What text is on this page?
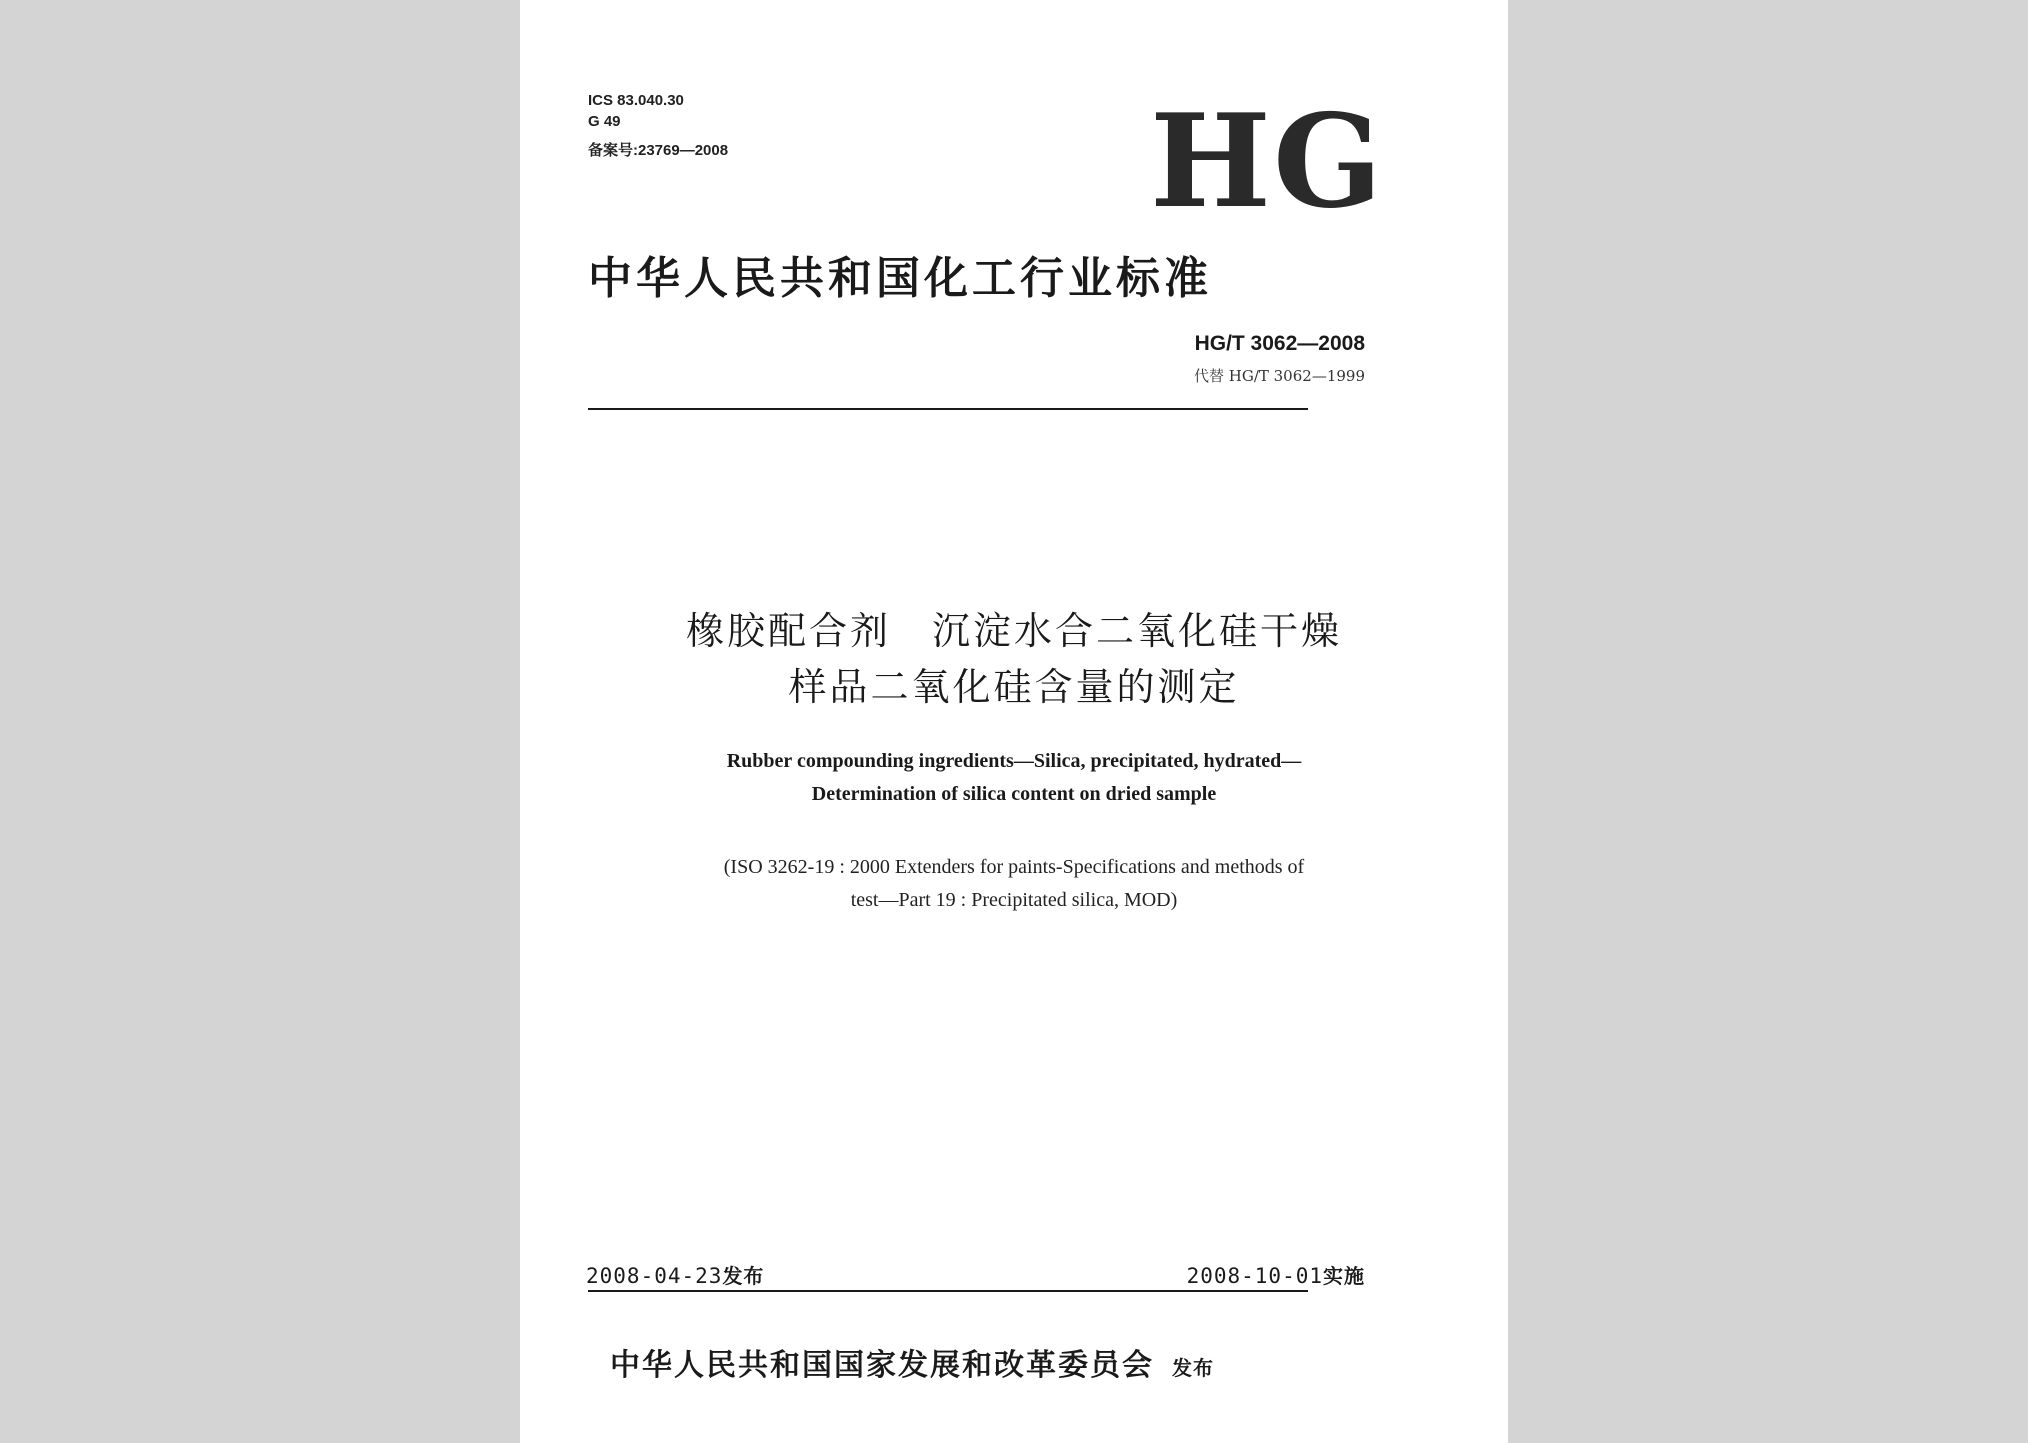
ICS 83.040.30
G 49
备案号:23769—2008	HG
中华人民共和国化工行业标准
HG/T 3062—2008
代替 HG/T 3062—1999
橡胶配合剂　沉淀水合二氧化硅干燥
样品二氧化硅含量的测定
Rubber compounding ingredients—Silica, precipitated, hydrated—
Determination of silica content on dried sample
(ISO 3262-19 : 2000 Extenders for paints-Specifications and methods of
test—Part 19 : Precipitated silica, MOD)
2008-04-23发布	2008-10-01实施
中华人民共和国国家发展和改革委员会 发布
